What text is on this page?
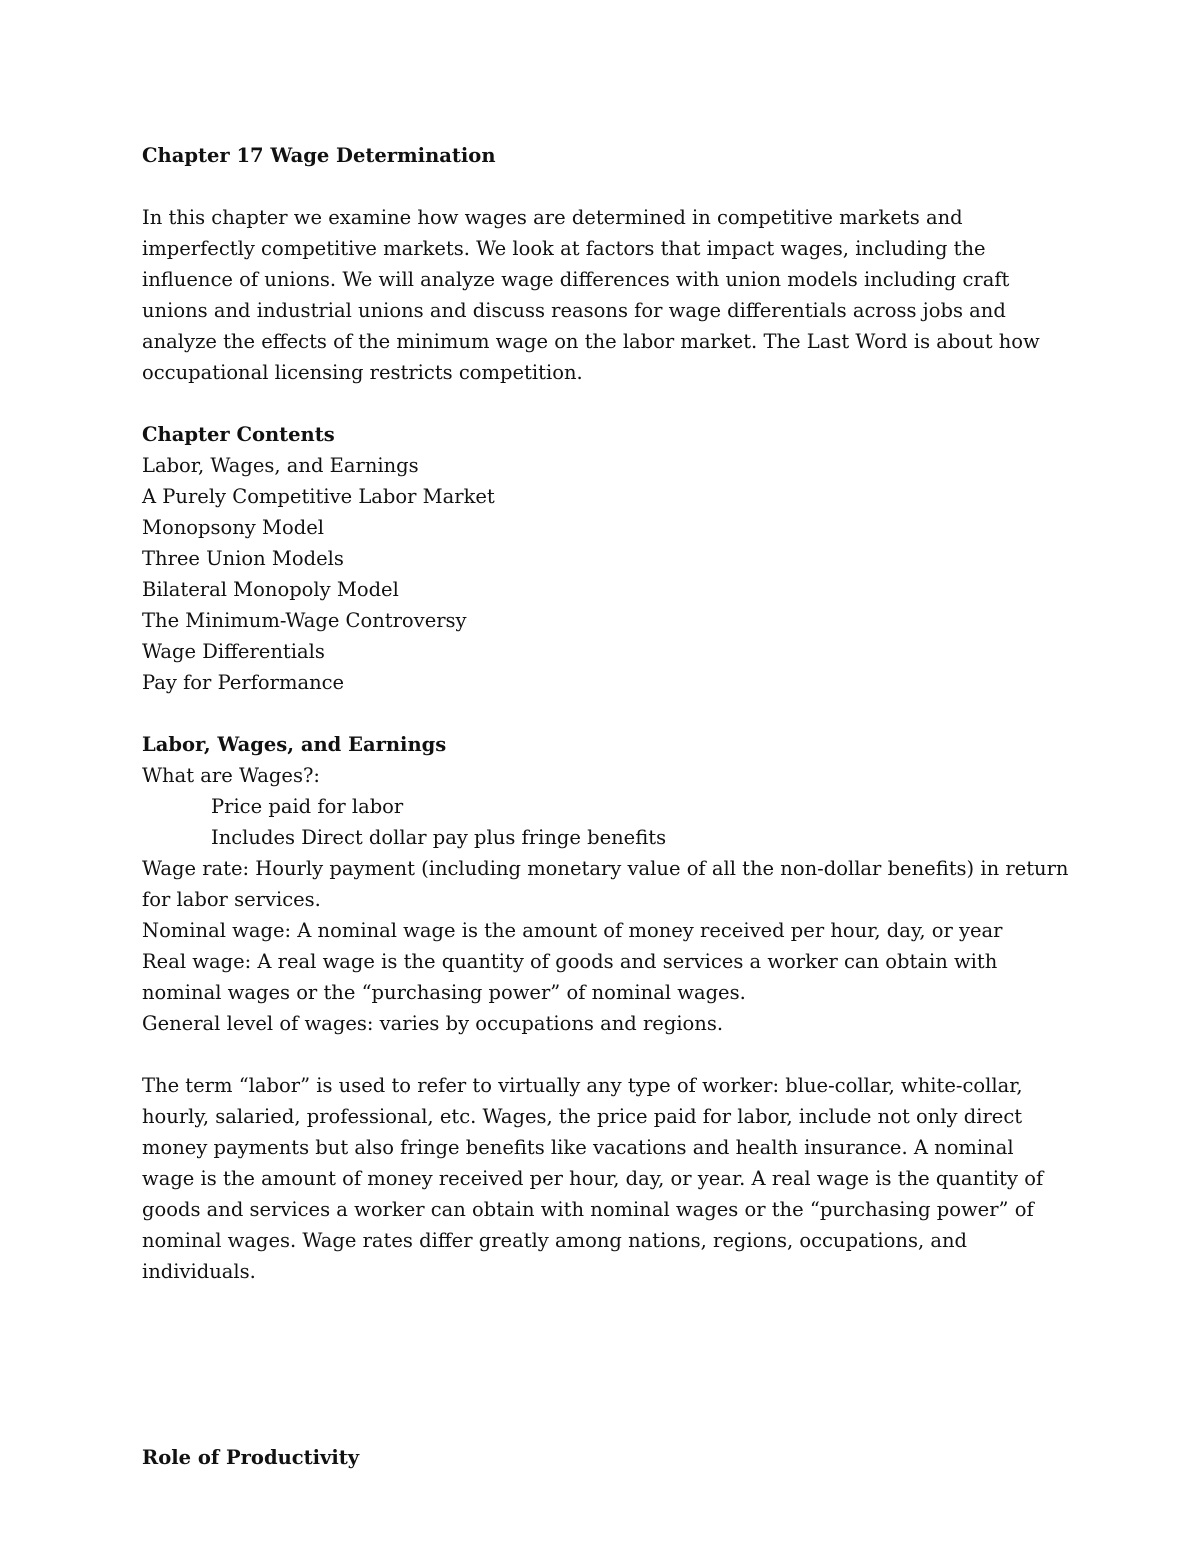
Chapter 17 Wage Determination

In this chapter we examine how wages are determined in competitive markets and imperfectly competitive markets. We look at factors that impact wages, including the influence of unions. We will analyze wage differences with union models including craft unions and industrial unions and discuss reasons for wage differentials across jobs and analyze the effects of the minimum wage on the labor market. The Last Word is about how occupational licensing restricts competition.

Chapter Contents

Labor, Wages, and Earnings

A Purely Competitive Labor Market

Monopsony Model

Three Union Models

Bilateral Monopoly Model

The Minimum-Wage Controversy

Wage Differentials

Pay for Performance

Labor, Wages, and Earnings

What are Wages?:

Price paid for labor

Includes Direct dollar pay plus fringe benefits

Wage rate: Hourly payment (including monetary value of all the non-dollar benefits) in return for labor services.

Nominal wage: A nominal wage is the amount of money received per hour, day, or year

Real wage: A real wage is the quantity of goods and services a worker can obtain with nominal wages or the “purchasing power” of nominal wages.

General level of wages: varies by occupations and regions.

The term “labor” is used to refer to virtually any type of worker: blue-collar, white-collar, hourly, salaried, professional, etc. Wages, the price paid for labor, include not only direct money payments but also fringe benefits like vacations and health insurance. A nominal wage is the amount of money received per hour, day, or year. A real wage is the quantity of goods and services a worker can obtain with nominal wages or the “purchasing power” of nominal wages. Wage rates differ greatly among nations, regions, occupations, and individuals.

Role of Productivity
